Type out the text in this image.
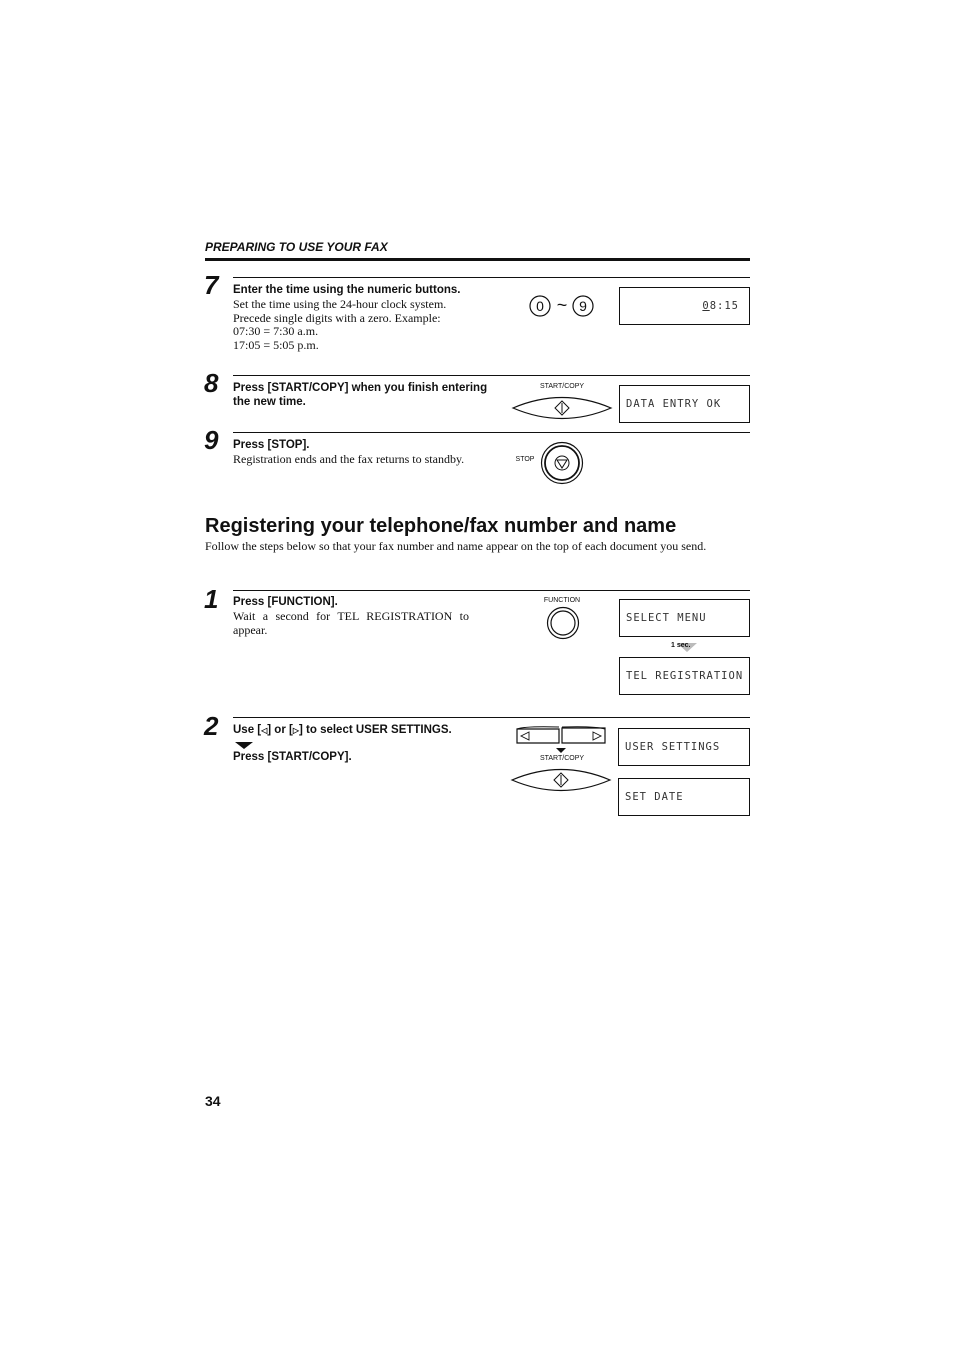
PREPARING TO USE YOUR FAX
7 Enter the time using the numeric buttons.
Set the time using the 24-hour clock system.
Precede single digits with a zero. Example:
07:30 = 7:30 a.m.
17:05 = 5:05 p.m.
0 ~ 9	08:15
8 Press [START/COPY] when you finish entering the new time.
START/COPY
DATA ENTRY OK
9 Press [STOP].
Registration ends and the fax returns to standby.	STOP
Registering your telephone/fax number and name
Follow the steps below so that your fax number and name appear on the top of each document you send.
1 Press [FUNCTION].
Wait a second for TEL REGISTRATION to appear.
FUNCTION
SELECT MENU
1 sec.
TEL REGISTRATION
2 Use [◁] or [▷] to select USER SETTINGS.
Press [START/COPY].	START/COPY
USER SETTINGS
SET DATE
34
